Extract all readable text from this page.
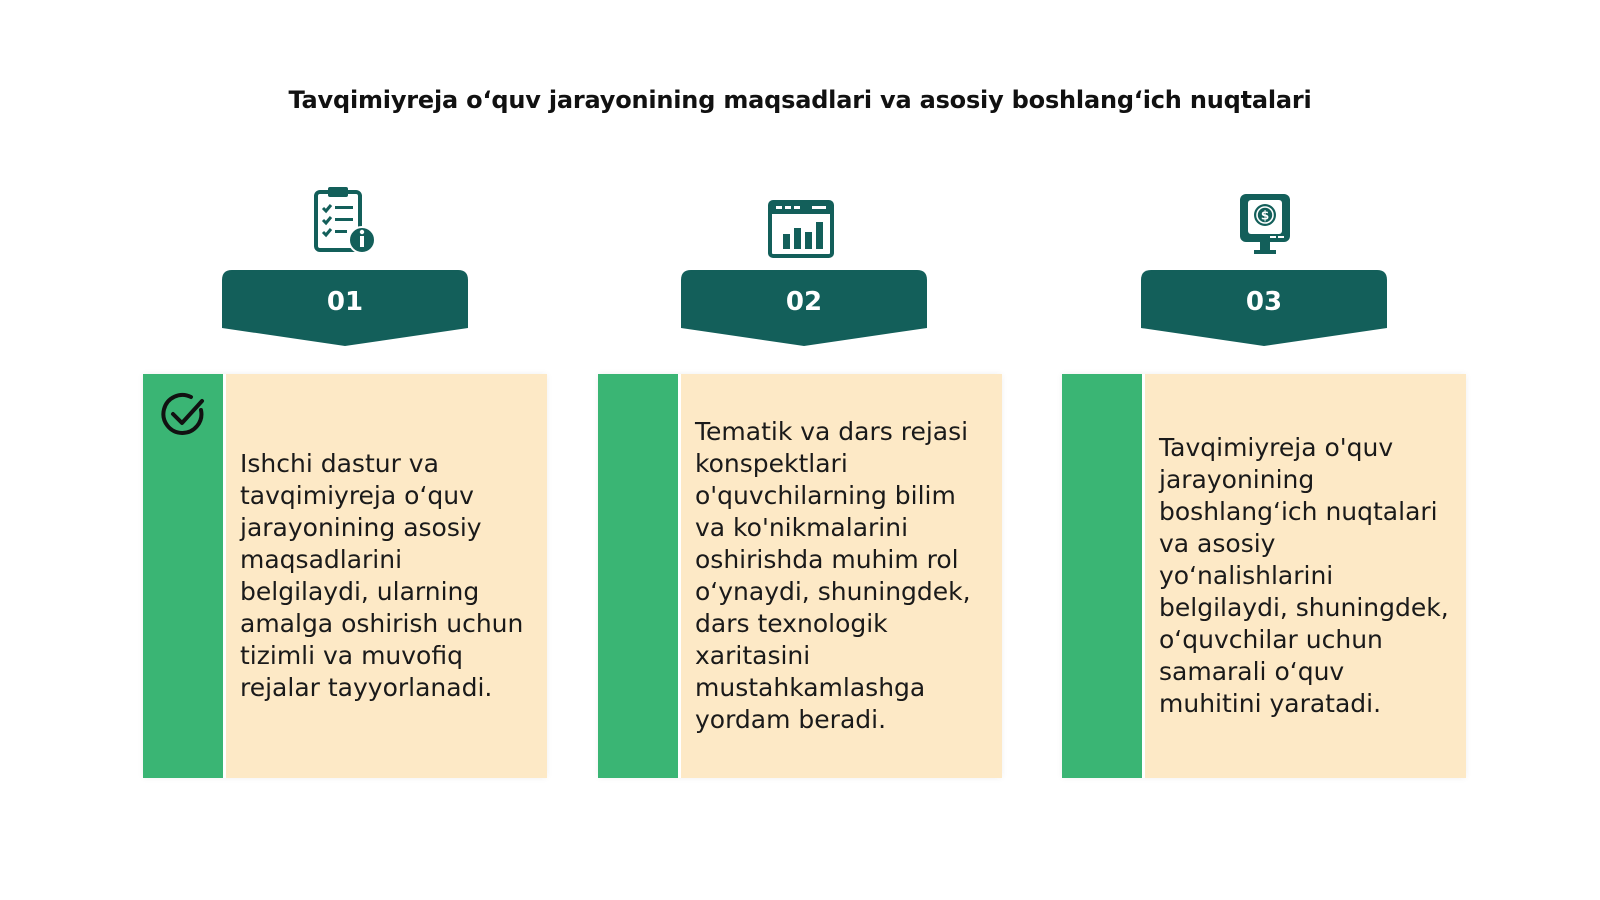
Tavqimiyreja o‘quv jarayonining maqsadlari va asosiy boshlang‘ich nuqtalari
01
Ishchi dastur va tavqimiyreja o‘quv jarayonining asosiy maqsadlarini belgilaydi, ularning amalga oshirish uchun tizimli va muvofiq rejalar tayyorlanadi.
02
Tematik va dars rejasi konspektlari o'quvchilarning bilim va ko'nikmalarini oshirishda muhim rol o‘ynaydi, shuningdek, dars texnologik xaritasini mustahkamlashga yordam beradi.
$
03
Tavqimiyreja o'quv jarayonining boshlang‘ich nuqtalari va asosiy yo‘nalishlarini belgilaydi, shuningdek, o‘quvchilar uchun samarali o‘quv muhitini yaratadi.
